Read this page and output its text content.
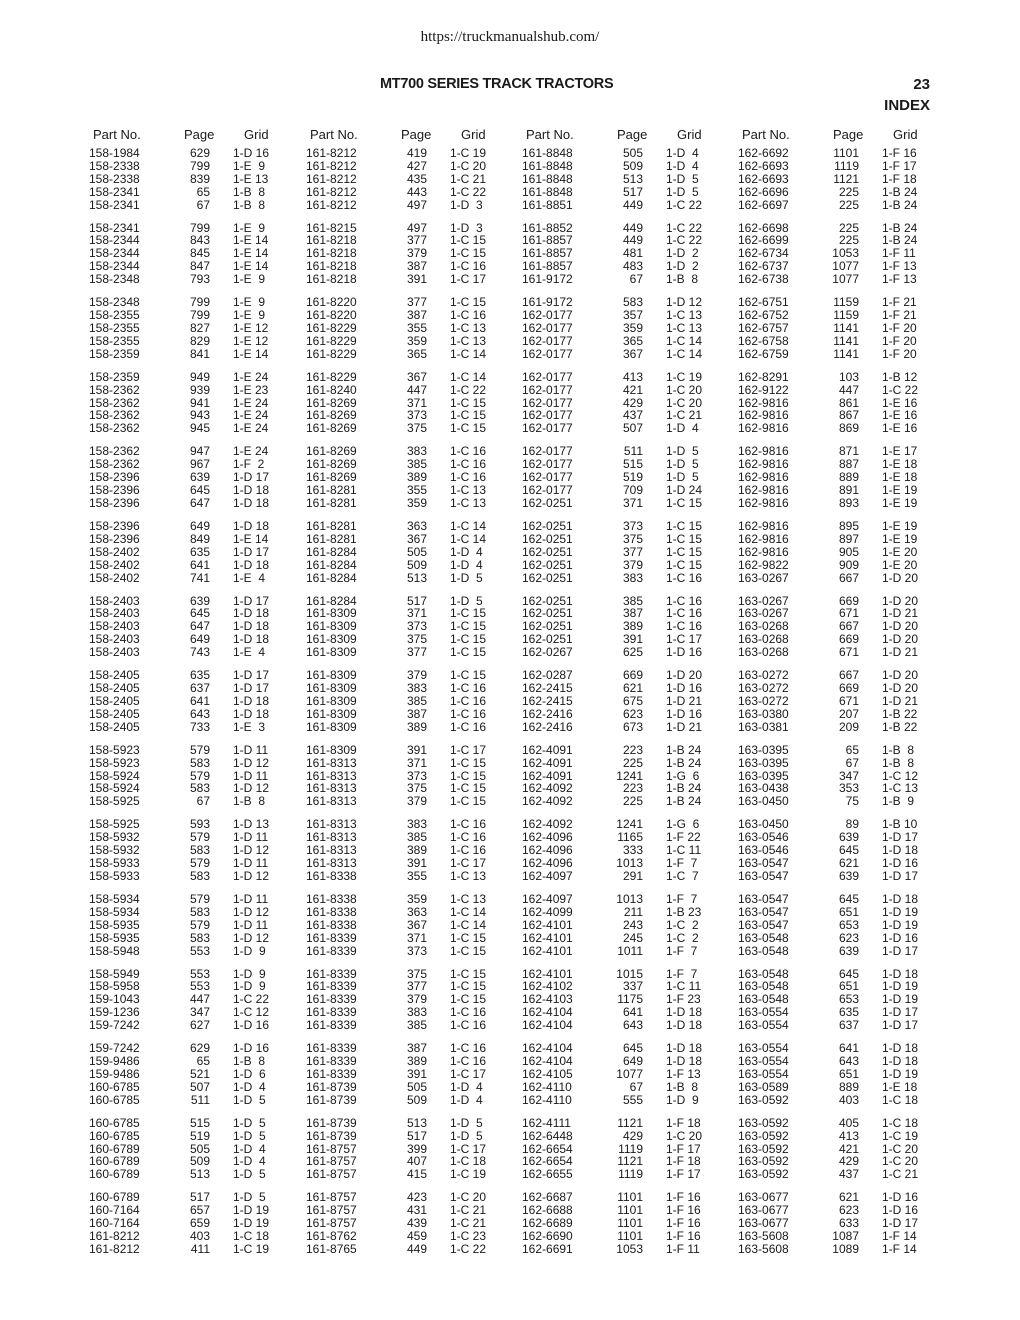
https://truckmanualshub.com/
MT700 SERIES TRACK TRACTORS	23
INDEX
Part No.	Page Grid
158-1984	629 1-D 16
158-2338	799 1-E  9
158-2338	839 1-E 13
158-2341	65 1-B  8
158-2341	67 1-B  8
158-2341	799 1-E  9
158-2344	843 1-E 14
158-2344	845 1-E 14
158-2344	847 1-E 14
158-2348	793 1-E  9
158-2348	799 1-E  9
158-2355	799 1-E  9
158-2355	827 1-E 12
158-2355	829 1-E 12
158-2359	841 1-E 14
158-2359	949 1-E 24
158-2362	939 1-E 23
158-2362	941 1-E 24
158-2362	943 1-E 24
158-2362	945 1-E 24
158-2362	947 1-E 24
158-2362	967 1-F  2
158-2396	639 1-D 17
158-2396	645 1-D 18
158-2396	647 1-D 18
158-2396	649 1-D 18
158-2396	849 1-E 14
158-2402	635 1-D 17
158-2402	641 1-D 18
158-2402	741 1-E  4
158-2403	639 1-D 17
158-2403	645 1-D 18
158-2403	647 1-D 18
158-2403	649 1-D 18
158-2403	743 1-E  4
158-2405	635 1-D 17
158-2405	637 1-D 17
158-2405	641 1-D 18
158-2405	643 1-D 18
158-2405	733 1-E  3
158-5923	579 1-D 11
158-5923	583 1-D 12
158-5924	579 1-D 11
158-5924	583 1-D 12
158-5925	67 1-B  8
158-5925	593 1-D 13
158-5932	579 1-D 11
158-5932	583 1-D 12
158-5933	579 1-D 11
158-5933	583 1-D 12
158-5934	579 1-D 11
158-5934	583 1-D 12
158-5935	579 1-D 11
158-5935	583 1-D 12
158-5948	553 1-D  9
158-5949	553 1-D  9
158-5958	553 1-D  9
159-1043	447 1-C 22
159-1236	347 1-C 12
159-7242	627 1-D 16
159-7242	629 1-D 16
159-9486	65 1-B  8
159-9486	521 1-D  6
160-6785	507 1-D  4
160-6785	511 1-D  5
160-6785	515 1-D  5
160-6785	519 1-D  5
160-6789	505 1-D  4
160-6789	509 1-D  4
160-6789	513 1-D  5
160-6789	517 1-D  5
160-7164	657 1-D 19
160-7164	659 1-D 19
161-8212	403 1-C 18
161-8212	411 1-C 19
Part No.	Page Grid
161-8212	419 1-C 19
161-8212	427 1-C 20
161-8212	435 1-C 21
161-8212	443 1-C 22
161-8212	497 1-D  3
161-8215	497 1-D  3
161-8218	377 1-C 15
161-8218	379 1-C 15
161-8218	387 1-C 16
161-8218	391 1-C 17
161-8220	377 1-C 15
161-8220	387 1-C 16
161-8229	355 1-C 13
161-8229	359 1-C 13
161-8229	365 1-C 14
161-8229	367 1-C 14
161-8240	447 1-C 22
161-8269	371 1-C 15
161-8269	373 1-C 15
161-8269	375 1-C 15
161-8269	383 1-C 16
161-8269	385 1-C 16
161-8269	389 1-C 16
161-8281	355 1-C 13
161-8281	359 1-C 13
161-8281	363 1-C 14
161-8281	367 1-C 14
161-8284	505 1-D  4
161-8284	509 1-D  4
161-8284	513 1-D  5
161-8284	517 1-D  5
161-8309	371 1-C 15
161-8309	373 1-C 15
161-8309	375 1-C 15
161-8309	377 1-C 15
161-8309	379 1-C 15
161-8309	383 1-C 16
161-8309	385 1-C 16
161-8309	387 1-C 16
161-8309	389 1-C 16
161-8309	391 1-C 17
161-8313	371 1-C 15
161-8313	373 1-C 15
161-8313	375 1-C 15
161-8313	379 1-C 15
161-8313	383 1-C 16
161-8313	385 1-C 16
161-8313	389 1-C 16
161-8313	391 1-C 17
161-8338	355 1-C 13
161-8338	359 1-C 13
161-8338	363 1-C 14
161-8338	367 1-C 14
161-8339	371 1-C 15
161-8339	373 1-C 15
161-8339	375 1-C 15
161-8339	377 1-C 15
161-8339	379 1-C 15
161-8339	383 1-C 16
161-8339	385 1-C 16
161-8339	387 1-C 16
161-8339	389 1-C 16
161-8339	391 1-C 17
161-8739	505 1-D  4
161-8739	509 1-D  4
161-8739	513 1-D  5
161-8739	517 1-D  5
161-8757	399 1-C 17
161-8757	407 1-C 18
161-8757	415 1-C 19
161-8757	423 1-C 20
161-8757	431 1-C 21
161-8757	439 1-C 21
161-8762	459 1-C 23
161-8765	449 1-C 22
Part No.	Page Grid
161-8848	505 1-D  4
161-8848	509 1-D  4
161-8848	513 1-D  5
161-8848	517 1-D  5
161-8851	449 1-C 22
161-8852	449 1-C 22
161-8857	449 1-C 22
161-8857	481 1-D  2
161-8857	483 1-D  2
161-9172	67 1-B  8
161-9172	583 1-D 12
162-0177	357 1-C 13
162-0177	359 1-C 13
162-0177	365 1-C 14
162-0177	367 1-C 14
162-0177	413 1-C 19
162-0177	421 1-C 20
162-0177	429 1-C 20
162-0177	437 1-C 21
162-0177	507 1-D  4
162-0177	511 1-D  5
162-0177	515 1-D  5
162-0177	519 1-D  5
162-0177	709 1-D 24
162-0251	371 1-C 15
162-0251	373 1-C 15
162-0251	375 1-C 15
162-0251	377 1-C 15
162-0251	379 1-C 15
162-0251	383 1-C 16
162-0251	385 1-C 16
162-0251	387 1-C 16
162-0251	389 1-C 16
162-0251	391 1-C 17
162-0267	625 1-D 16
162-0287	669 1-D 20
162-2415	621 1-D 16
162-2415	675 1-D 21
162-2416	623 1-D 16
162-2416	673 1-D 21
162-4091	223 1-B 24
162-4091	225 1-B 24
162-4091	1241 1-G  6
162-4092	223 1-B 24
162-4092	225 1-B 24
162-4092	1241 1-G  6
162-4096	1165 1-F 22
162-4096	333 1-C 11
162-4096	1013 1-F  7
162-4097	291 1-C  7
162-4097	1013 1-F  7
162-4099	211 1-B 23
162-4101	243 1-C  2
162-4101	245 1-C  2
162-4101	1011 1-F  7
162-4101	1015 1-F  7
162-4102	337 1-C 11
162-4103	1175 1-F 23
162-4104	641 1-D 18
162-4104	643 1-D 18
162-4104	645 1-D 18
162-4104	649 1-D 18
162-4105	1077 1-F 13
162-4110	67 1-B  8
162-4110	555 1-D  9
162-4111	1121 1-F 18
162-6448	429 1-C 20
162-6654	1119 1-F 17
162-6654	1121 1-F 18
162-6655	1119 1-F 17
162-6687	1101 1-F 16
162-6688	1101 1-F 16
162-6689	1101 1-F 16
162-6690	1101 1-F 16
162-6691	1053 1-F 11
Part No.	Page Grid
162-6692	1101 1-F 16
162-6693	1119 1-F 17
162-6693	1121 1-F 18
162-6696	225 1-B 24
162-6697	225 1-B 24
162-6698	225 1-B 24
162-6699	225 1-B 24
162-6734	1053 1-F 11
162-6737	1077 1-F 13
162-6738	1077 1-F 13
162-6751	1159 1-F 21
162-6752	1159 1-F 21
162-6757	1141 1-F 20
162-6758	1141 1-F 20
162-6759	1141 1-F 20
162-8291	103 1-B 12
162-9122	447 1-C 22
162-9816	861 1-E 16
162-9816	867 1-E 16
162-9816	869 1-E 16
162-9816	871 1-E 17
162-9816	887 1-E 18
162-9816	889 1-E 18
162-9816	891 1-E 19
162-9816	893 1-E 19
162-9816	895 1-E 19
162-9816	897 1-E 19
162-9816	905 1-E 20
162-9822	909 1-E 20
163-0267	667 1-D 20
163-0267	669 1-D 20
163-0267	671 1-D 21
163-0268	667 1-D 20
163-0268	669 1-D 20
163-0268	671 1-D 21
163-0272	667 1-D 20
163-0272	669 1-D 20
163-0272	671 1-D 21
163-0380	207 1-B 22
163-0381	209 1-B 22
163-0395	65 1-B  8
163-0395	67 1-B  8
163-0395	347 1-C 12
163-0438	353 1-C 13
163-0450	75 1-B  9
163-0450	89 1-B 10
163-0546	639 1-D 17
163-0546	645 1-D 18
163-0547	621 1-D 16
163-0547	639 1-D 17
163-0547	645 1-D 18
163-0547	651 1-D 19
163-0547	653 1-D 19
163-0548	623 1-D 16
163-0548	639 1-D 17
163-0548	645 1-D 18
163-0548	651 1-D 19
163-0548	653 1-D 19
163-0554	635 1-D 17
163-0554	637 1-D 17
163-0554	641 1-D 18
163-0554	643 1-D 18
163-0554	651 1-D 19
163-0589	889 1-E 18
163-0592	403 1-C 18
163-0592	405 1-C 18
163-0592	413 1-C 19
163-0592	421 1-C 20
163-0592	429 1-C 20
163-0592	437 1-C 21
163-0677	621 1-D 16
163-0677	623 1-D 16
163-0677	633 1-D 17
163-5608	1087 1-F 14
163-5608	1089 1-F 14
